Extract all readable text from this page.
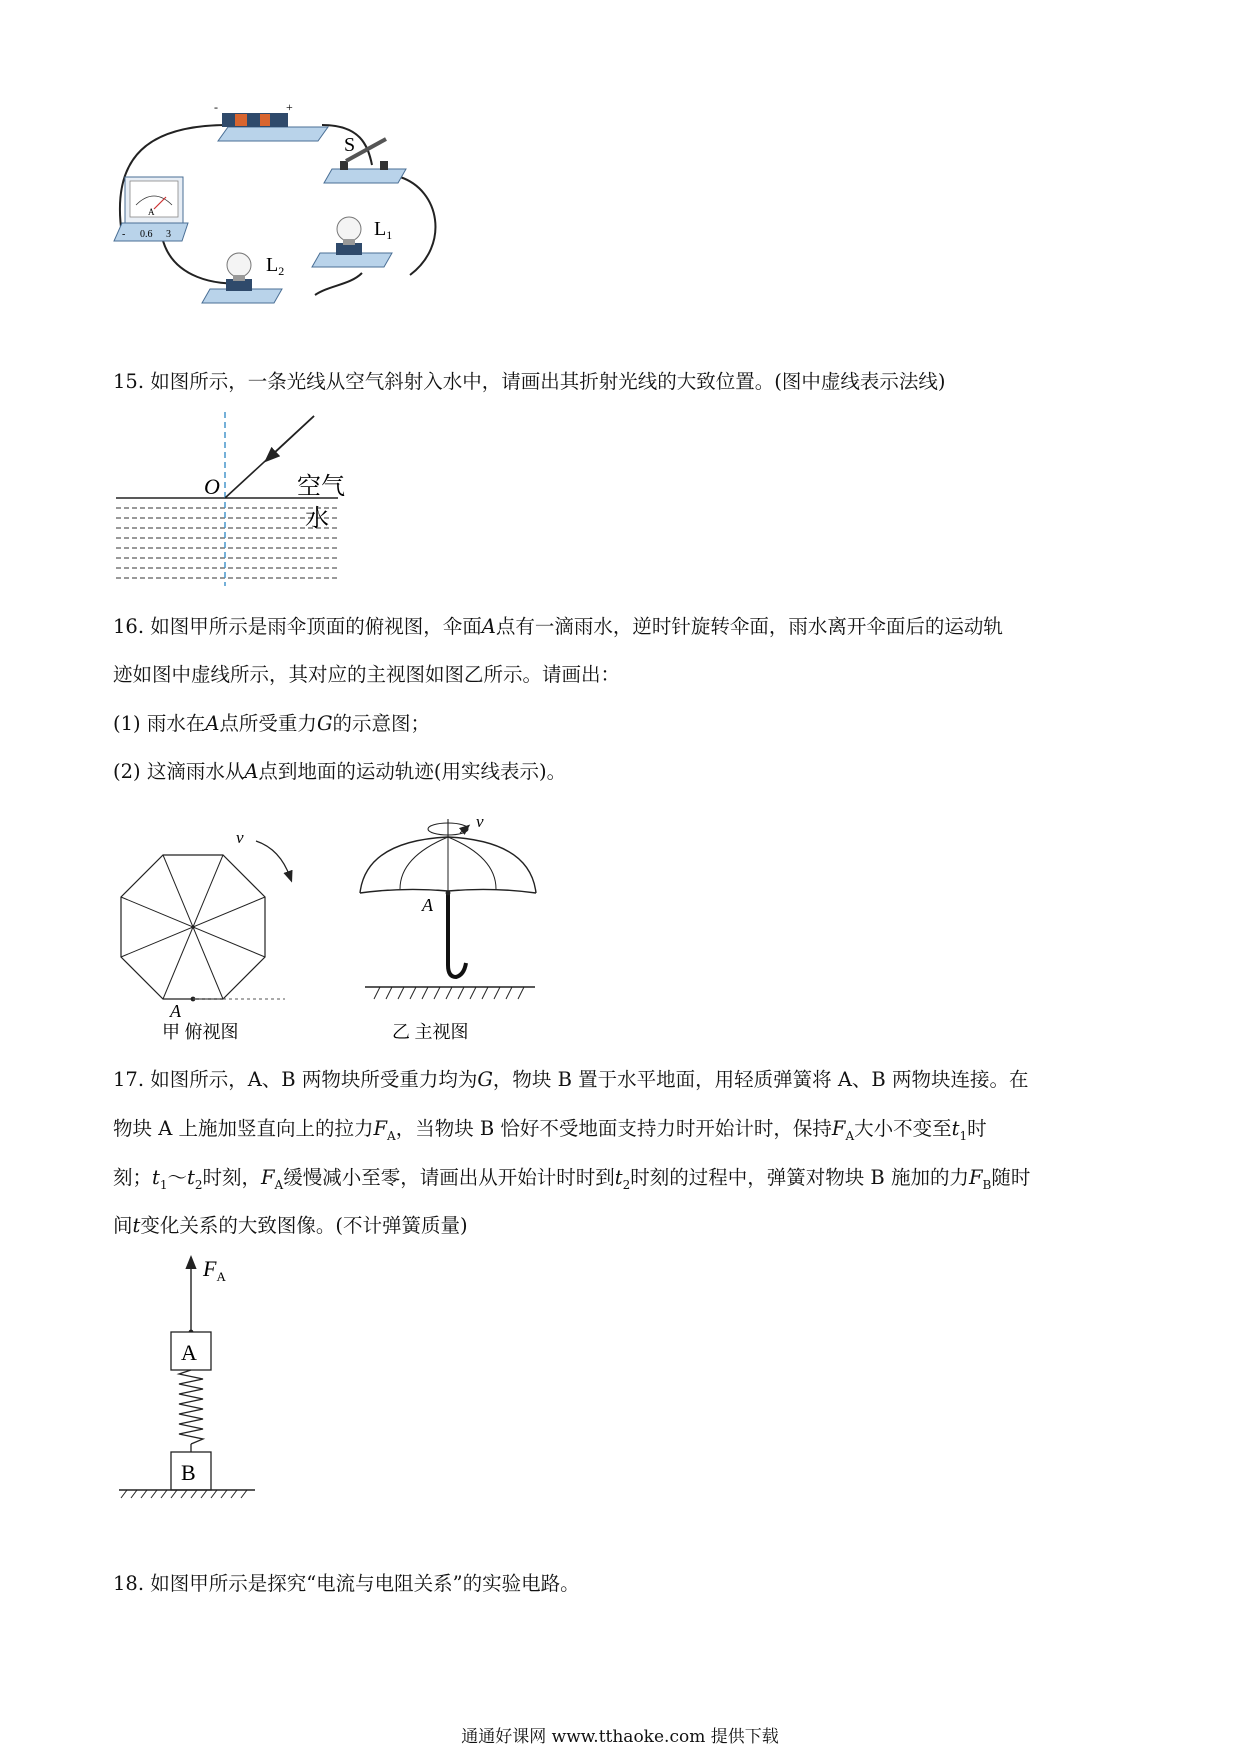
-	+
S
A
- 0.6 3	$L_1$
$L_2$
15. 如图所示，一条光线从空气斜射入水中，请画出其折射光线的大致位置。(图中虚线表示法线)
O	空气
水
16. 如图甲所示是雨伞顶面的俯视图，伞面A点有一滴雨水，逆时针旋转伞面，雨水离开伞面后的运动轨
迹如图中虚线所示，其对应的主视图如图乙所示。请画出：
(1) 雨水在A点所受重力G的示意图；
(2) 这滴雨水从A点到地面的运动轨迹(用实线表示)。
v
A
甲 俯视图
v
A
乙 主视图
17. 如图所示，A、B 两物块所受重力均为G，物块 B 置于水平地面，用轻质弹簧将 A、B 两物块连接。在
物块 A 上施加竖直向上的拉力$F_A$，当物块 B 恰好不受地面支持力时开始计时，保持$F_A$大小不变至$t_1$时
刻；$t_1\sim t_2$时刻，$F_A$缓慢减小至零，请画出从开始计时时到$t_2$时刻的过程中，弹簧对物块 B 施加的力$F_B$随时
间t变化关系的大致图像。(不计弹簧质量)
$F_A$
A
B
18. 如图甲所示是探究“电流与电阻关系”的实验电路。
通通好课网 www.tthaoke.com 提供下载
